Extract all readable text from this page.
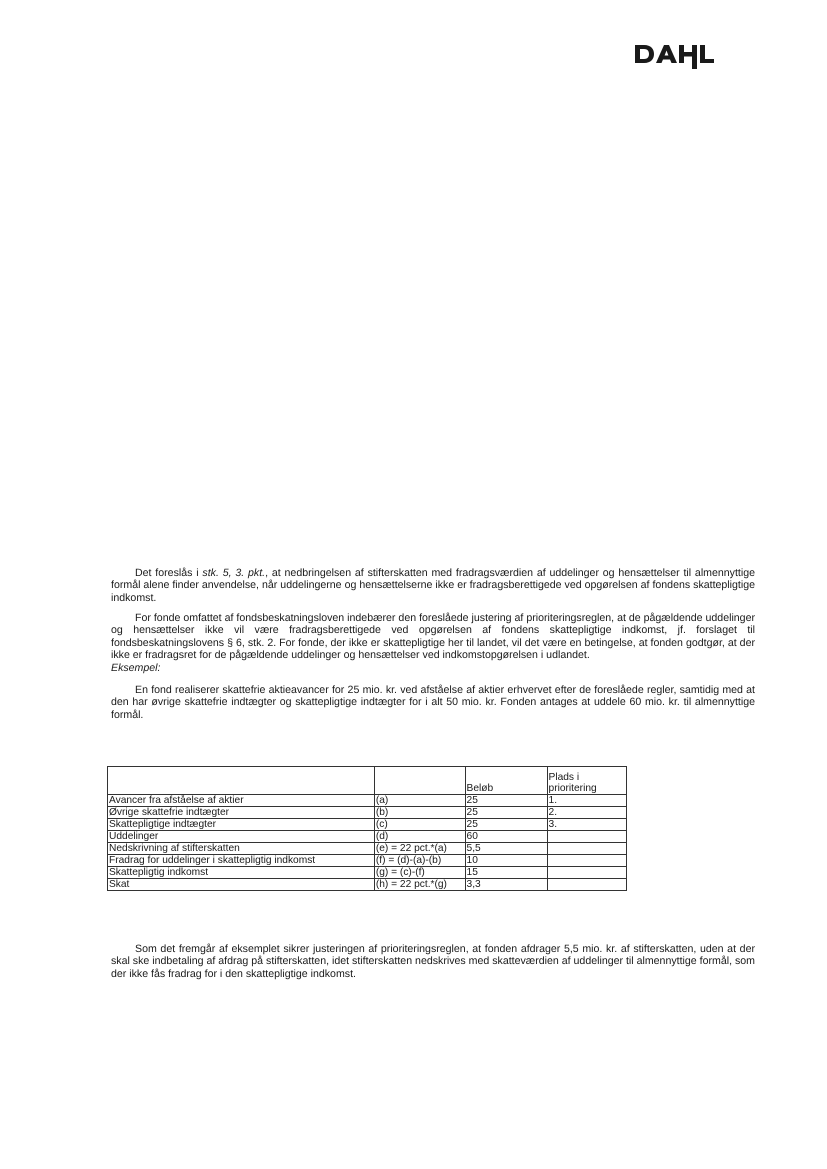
Det foreslås i stk. 5, 3. pkt., at nedbringelsen af stifterskatten med fradragsværdien af uddelinger og hensættelser til almennyttige formål alene finder anvendelse, når uddelingerne og hensættelserne ikke er fradragsberettigede ved opgørelsen af fondens skattepligtige indkomst.

For fonde omfattet af fondsbeskatningsloven indebærer den foreslåede justering af prioriteringsreglen, at de pågældende uddelinger og hensættelser ikke vil være fradragsberettigede ved opgørelsen af fondens skattepligtige indkomst, jf. forslaget til fondsbeskatningslovens § 6, stk. 2. For fonde, der ikke er skattepligtige her til landet, vil det være en betingelse, at fonden godtgør, at der ikke er fradragsret for de pågældende uddelinger og hensættelser ved indkomstopgørelsen i udlandet.

Eksempel:

En fond realiserer skattefrie aktieavancer for 25 mio. kr. ved afståelse af aktier erhvervet efter de foreslåede regler, samtidig med at den har øvrige skattefrie indtægter og skattepligtige indtægter for i alt 50 mio. kr. Fonden antages at uddele 60 mio. kr. til almennyttige formål.

		Beløb	Plads i
prioritering

Avancer fra afståelse af aktier	(a)	25	1.
Øvrige skattefrie indtægter	(b)	25	2.
Skattepligtige indtægter	(c)	25	3.
Uddelinger	(d)	60	
Nedskrivning af stifterskatten	(e) = 22 pct.*(a)	5,5	
Fradrag for uddelinger i skattepligtig indkomst	(f) = (d)-(a)-(b)	10	
Skattepligtig indkomst	(g) = (c)-(f)	15	
Skat	(h) = 22 pct.*(g)	3,3	

Som det fremgår af eksemplet sikrer justeringen af prioriteringsreglen, at fonden afdrager 5,5 mio. kr. af stifterskatten, uden at der skal ske indbetaling af afdrag på stifterskatten, idet stifterskatten nedskrives med skatteværdien af uddelinger til almennyttige formål, som der ikke fås fradrag for i den skattepligtige indkomst.
